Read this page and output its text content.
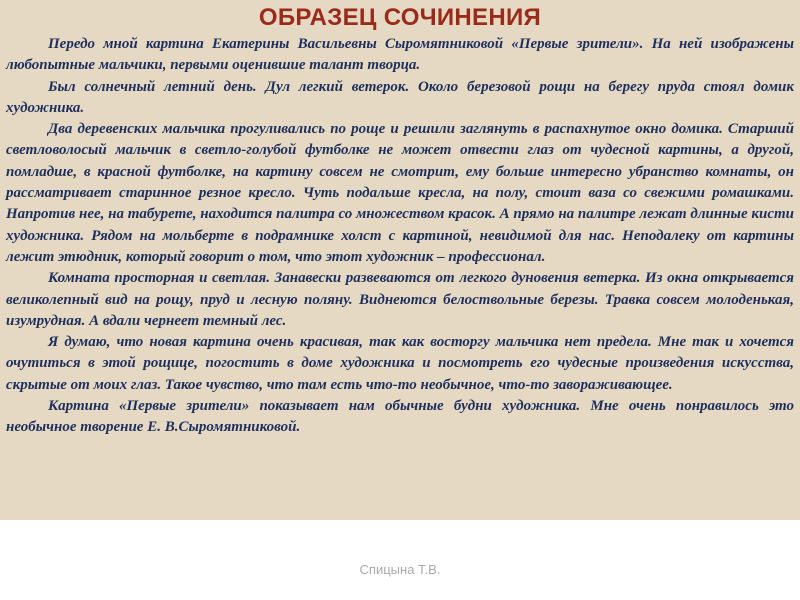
ОБРАЗЕЦ СОЧИНЕНИЯ

Передо мной картина Екатерины Васильевны Сыромятниковой «Первые зрители». На ней изображены любопытные мальчики, первыми оценившие талант творца.

Был солнечный летний день. Дул легкий ветерок. Около березовой рощи на берегу пруда стоял домик художника.

Два деревенских мальчика прогуливались по роще и решили заглянуть в распахнутое окно домика. Старший светловолосый мальчик в светло-голубой футболке не может отвести глаз от чудесной картины, а другой, помладше, в красной футболке, на картину совсем не смотрит, ему больше интересно убранство комнаты, он рассматривает старинное резное кресло. Чуть подальше кресла, на полу, стоит ваза со свежими ромашками. Напротив нее, на табурете, находится палитра со множеством красок. А прямо на палитре лежат длинные кисти художника. Рядом на мольберте в подрамнике холст с картиной, невидимой для нас. Неподалеку от картины лежит этюдник, который говорит о том, что этот художник – профессионал.

Комната просторная и светлая. Занавески развеваются от легкого дуновения ветерка. Из окна открывается великолепный вид на рощу, пруд и лесную поляну. Виднеются белоствольные березы. Травка совсем молоденькая, изумрудная. А вдали чернеет темный лес.

Я думаю, что новая картина очень красивая, так как восторгу мальчика нет предела. Мне так и хочется очутиться в этой рощице, погостить в доме художника и посмотреть его чудесные произведения искусства, скрытые от моих глаз. Такое чувство, что там есть что-то необычное, что-то завораживающее.

Картина «Первые зрители» показывает нам обычные будни художника. Мне очень понравилось это необычное творение Е. В.Сыромятниковой.

Спицына Т.В.
